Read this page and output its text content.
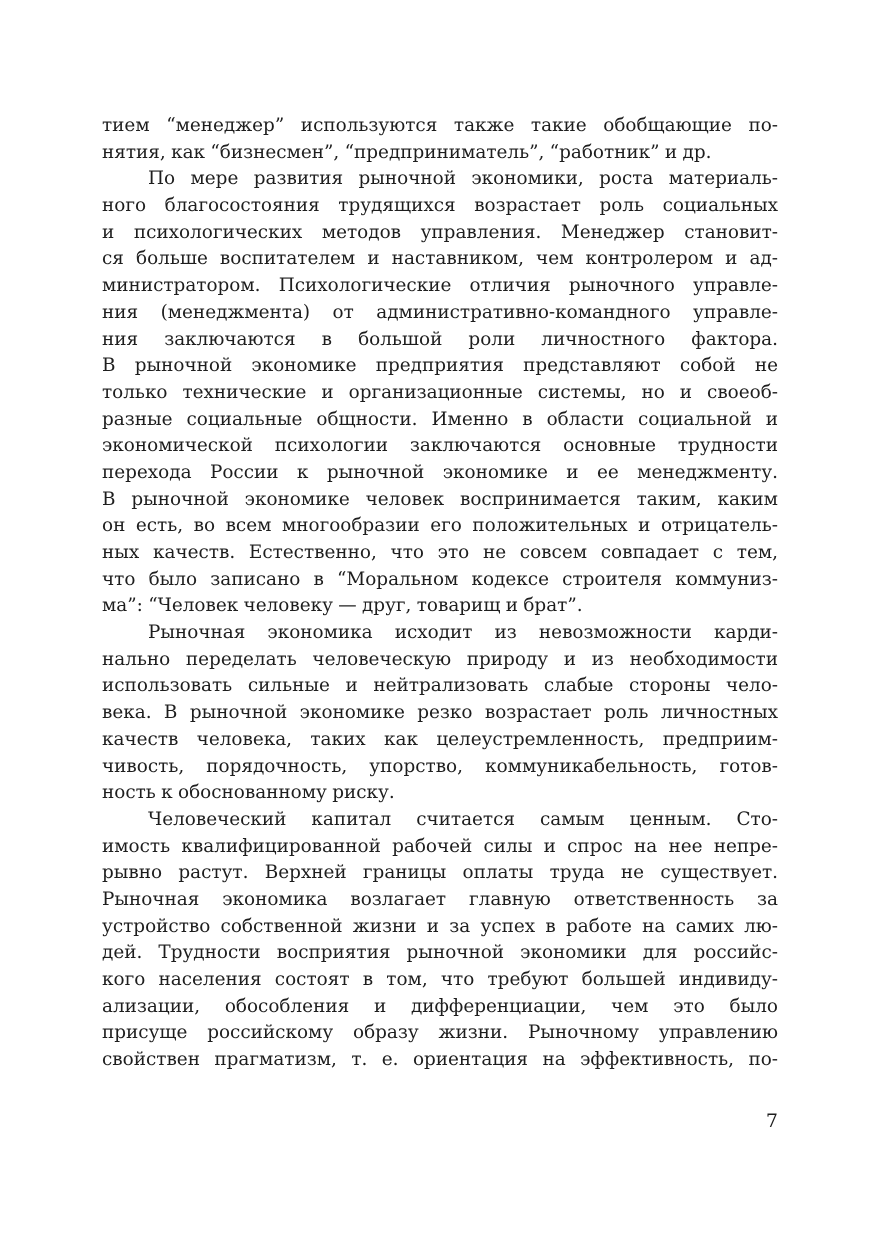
тием “менеджер” используются также такие обобщающие по-
нятия, как “бизнесмен”, “предприниматель”, “работник” и др.
По мере развития рыночной экономики, роста материаль-
ного благосостояния трудящихся возрастает роль социальных
и психологических методов управления. Менеджер становит-
ся больше воспитателем и наставником, чем контролером и ад-
министратором. Психологические отличия рыночного управле-
ния (менеджмента) от административно-командного управле-
ния заключаются в большой роли личностного фактора.
В рыночной экономике предприятия представляют собой не
только технические и организационные системы, но и своеоб-
разные социальные общности. Именно в области социальной и
экономической психологии заключаются основные трудности
перехода России к рыночной экономике и ее менеджменту.
В рыночной экономике человек воспринимается таким, каким
он есть, во всем многообразии его положительных и отрицатель-
ных качеств. Естественно, что это не совсем совпадает с тем,
что было записано в “Моральном кодексе строителя коммуниз-
ма”: “Человек человеку — друг, товарищ и брат”.
Рыночная экономика исходит из невозможности карди-
нально переделать человеческую природу и из необходимости
использовать сильные и нейтрализовать слабые стороны чело-
века. В рыночной экономике резко возрастает роль личностных
качеств человека, таких как целеустремленность, предприим-
чивость, порядочность, упорство, коммуникабельность, готов-
ность к обоснованному риску.
Человеческий капитал считается самым ценным. Сто-
имость квалифицированной рабочей силы и спрос на нее непре-
рывно растут. Верхней границы оплаты труда не существует.
Рыночная экономика возлагает главную ответственность за
устройство собственной жизни и за успех в работе на самих лю-
дей. Трудности восприятия рыночной экономики для российс-
кого населения состоят в том, что требуют большей индивиду-
ализации, обособления и дифференциации, чем это было
присуще российскому образу жизни. Рыночному управлению
свойствен прагматизм, т. е. ориентация на эффективность, по-
7
